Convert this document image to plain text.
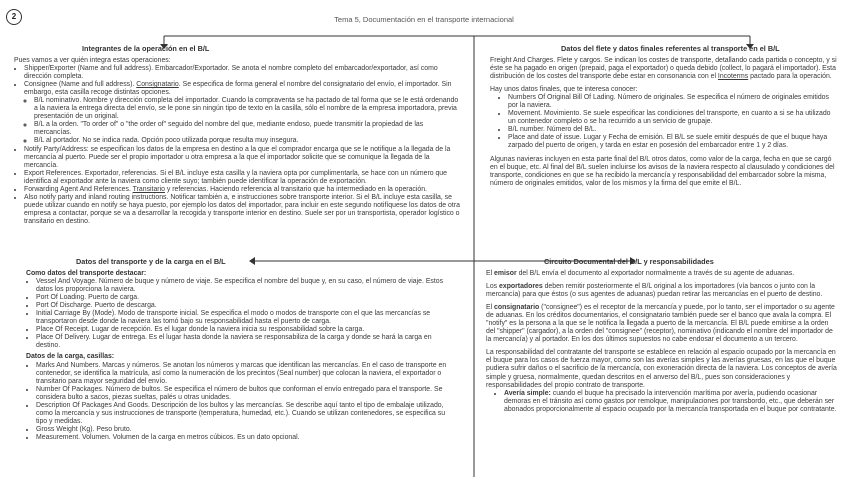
2	Tema 5, Documentación en el transporte internacional
Integrantes de la operación en el B/L
Pues vamos a ver quién integra estas operaciones:
• Shipper/Exporter (Name and full address). Embarcador/Exportador. Se anota el nombre completo del embarcador/exportador, así como dirección completa.
• Consignee (Name and full address). Consignatario. Se especifica de forma general el nombre del consignatario del envío, el importador. Sin embargo, esta casilla recoge distintas opciones.
◦ B/L nominativo. Nombre y dirección completa del importador. Cuando la compraventa se ha pactado de tal forma que se le está ordenando a la naviera la entrega directa del envío, se le pone sin ningún tipo de texto en la casilla, sólo el nombre de la empresa importadora, previa presentación de un original.
◦ B/L a la orden. "To order of" o "the order of" seguido del nombre del que, mediante endoso, puede transmitir la propiedad de las mercancías.
◦ B/L al portador. No se indica nada. Opción poco utilizada porque resulta muy insegura.
• Notify Party/Address: se especifican los datos de la empresa en destino a la que el comprador encarga que se le notifique a la llegada de la mercancía al puerto. Puede ser el propio importador u otra empresa a la que el importador solicite que se comunique la llegada de la mercancía.
• Export References. Exportador, referencias. Si el B/L incluye esta casilla y la naviera opta por cumplimentarla, se hace con un número que identifica al exportador ante la naviera como cliente suyo; también puede identificar la operación de exportación.
• Forwarding Agent And References. Transitario y referencias. Haciendo referencia al transitario que ha intermediado en la operación.
• Also notify party and inland routing instructions. Notificar también a, e instrucciones sobre transporte interior. Si el B/L incluye esta casilla, se puede utilizar cuando en notify se haya puesto, por ejemplo los datos del importador, para incluir en este segundo notifíquese los datos de otra empresa a contactar, porque se va a desarrollar la recogida y transporte interior en destino. Suele ser por un transportista, operador logístico o transitario en destino.
Datos del flete y datos finales referentes al transporte en el B/L

Freight And Charges. Flete y cargos. Se indican los costes de transporte, detallando cada partida o concepto, y si éste se ha pagado en origen (prepaid, paga el exportador) o queda debido (collect, lo pagará el importador). Esta distribución de los costes del transporte debe estar en consonancia con el Incoterms pactado para la operación.

Hay unos datos finales, que te interesa conocer:
• Numbers Of Original Bill Of Lading. Número de originales. Se especifica el número de originales emitidos por la naviera.
• Movement. Movimiento. Se suele especificar las condiciones del transporte, en cuanto a si se ha utilizado un contenedor completo o se ha recurrido a un servicio de grupaje.
• B/L number. Número del B/L.
• Place and date of issue. Lugar y Fecha de emisión. El B/L se suele emitir después de que el buque haya zarpado del puerto de origen, y tarda en estar en posesión del embarcador entre 1 y 2 días.

Algunas navieras incluyen en esta parte final del B/L otros datos, como valor de la carga, fecha en que se cargó en el buque, etc. Al final del B/L suelen incluirse los avisos de la naviera respecto al clausulado y condiciones del transporte, condiciones en que se ha recibido la mercancía y responsabilidad del embarcador sobre la misma, número de originales emitidos, valor de los mismos y la firma del que emite el B/L.

Datos del transporte y de la carga en el B/L
Como datos del transporte destacar:
• Vessel And Voyage. Número de buque y número de viaje. Se especifica el nombre del buque y, en su caso, el número de viaje. Estos datos los proporciona la naviera.
• Port Of Loading. Puerto de carga.
• Port Of Discharge. Puerto de descarga.
• Initial Carriage By (Mode). Modo de transporte inicial. Se especifica el modo o modos de transporte con el que las mercancías se transportaron desde donde la naviera las tomó bajo su responsabilidad hasta el puerto de carga.
• Place Of Receipt. Lugar de recepción. Es el lugar donde la naviera inicia su responsabilidad sobre la carga.
• Place Of Delivery. Lugar de entrega. Es el lugar hasta donde la naviera se responsabiliza de la carga y donde se hará la carga en destino.
Datos de la carga, casillas:
• Marks And Numbers. Marcas y números. Se anotan los números y marcas que identifican las mercancías. En el caso de transporte en contenedor, se identifica la matrícula, así como la numeración de los precintos (Seal number) que colocan la naviera, el exportador o transitario para mayor seguridad del envío.
• Number Of Packages. Número de bultos. Se especifica el número de bultos que conforman el envío entregado para el transporte. Se considera bulto a sacos, piezas sueltas, palés u otras unidades.
• Description Of Packages And Goods. Descripción de los bultos y las mercancías. Se describe aquí tanto el tipo de embalaje utilizado, como la mercancía y sus instrucciones de transporte (temperatura, humedad, etc.). Cuando se utilizan contenedores, se especifica su tipo y medidas.
• Gross Weight (Kg). Peso bruto.
• Measurement. Volumen. Volumen de la carga en metros cúbicos. Es un dato opcional.
Circuito Documental del B/L y responsabilidades

El emisor del B/L envía el documento al exportador normalmente a través de su agente de aduanas.

Los exportadores deben remitir posteriormente el B/L original a los importadores (vía bancos o junto con la mercancía) para que éstos (o sus agentes de aduanas) puedan retirar las mercancías en el puerto de destino.

El consignatario ("consignee") es el receptor de la mercancía y puede, por lo tanto, ser el importador o su agente de aduanas. En los créditos documentarios, el consignatario también puede ser el banco que avala la compra. El "notify" es la persona a la que se le notifica la llegada a puerto de la mercancía. El B/L puede emitirse a la orden del "shipper" (cargador), a la orden del "consignee" (receptor), nominativo (indicando el nombre del importador de la mercancía) y al portador. En los dos últimos supuestos no cabe endosar el documento a un tercero.

La responsabilidad del contratante del transporte se establece en relación al espacio ocupado por la mercancía en el buque para los casos de fuerza mayor, como son las averías simples y las averías gruesas, en las que el buque pudiera sufrir daños o el sacrificio de la mercancía, con exoneración directa de la naviera. Los conceptos de avería simple y gruesa, normalmente, quedan descritos en el anverso del B/L, pues son consideraciones y responsabilidades del propio contrato de transporte.

• Avería simple: cuando el buque ha precisado la intervención marítima por avería, pudiendo ocasionar demoras en el tránsito así como gastos por remolque, manipulaciones por transbordo, etc., que deberán ser abonados proporcionalmente al espacio ocupado por la mercancía transportada en el buque por contratante.
